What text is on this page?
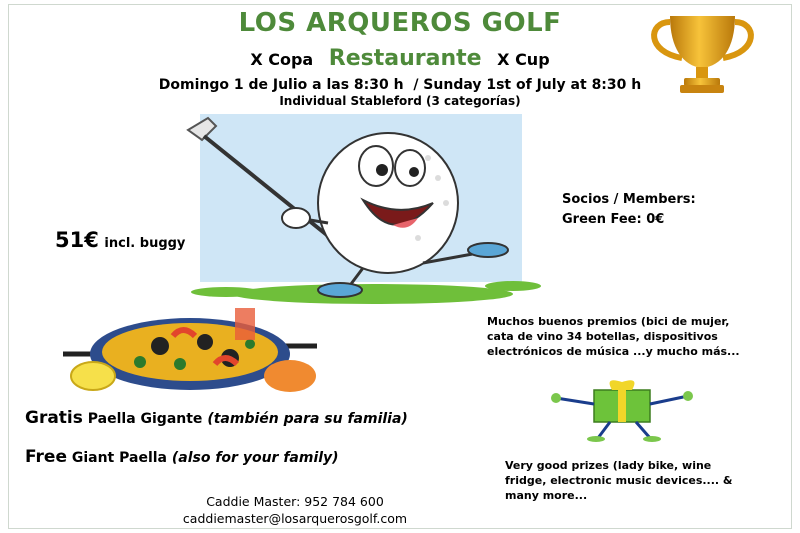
LOS ARQUEROS GOLF
X Copa Restaurante X Cup
Domingo 1 de Julio a las 8:30 h  / Sunday 1st of July at 8:30 h
Individual Stableford (3 categorías)
51€ incl. buggy
Socios / Members:
Green Fee: 0€
Muchos buenos premios (bici de mujer, cata de vino 34 botellas, dispositivos electrónicos de música ...y mucho más...
Very good prizes (lady bike, wine fridge, electronic music devices.... & many more...
Gratis Paella Gigante (también para su familia)
Free Giant Paella (also for your family)
Caddie Master: 952 784 600
caddiemaster@losarquerosgolf.com
